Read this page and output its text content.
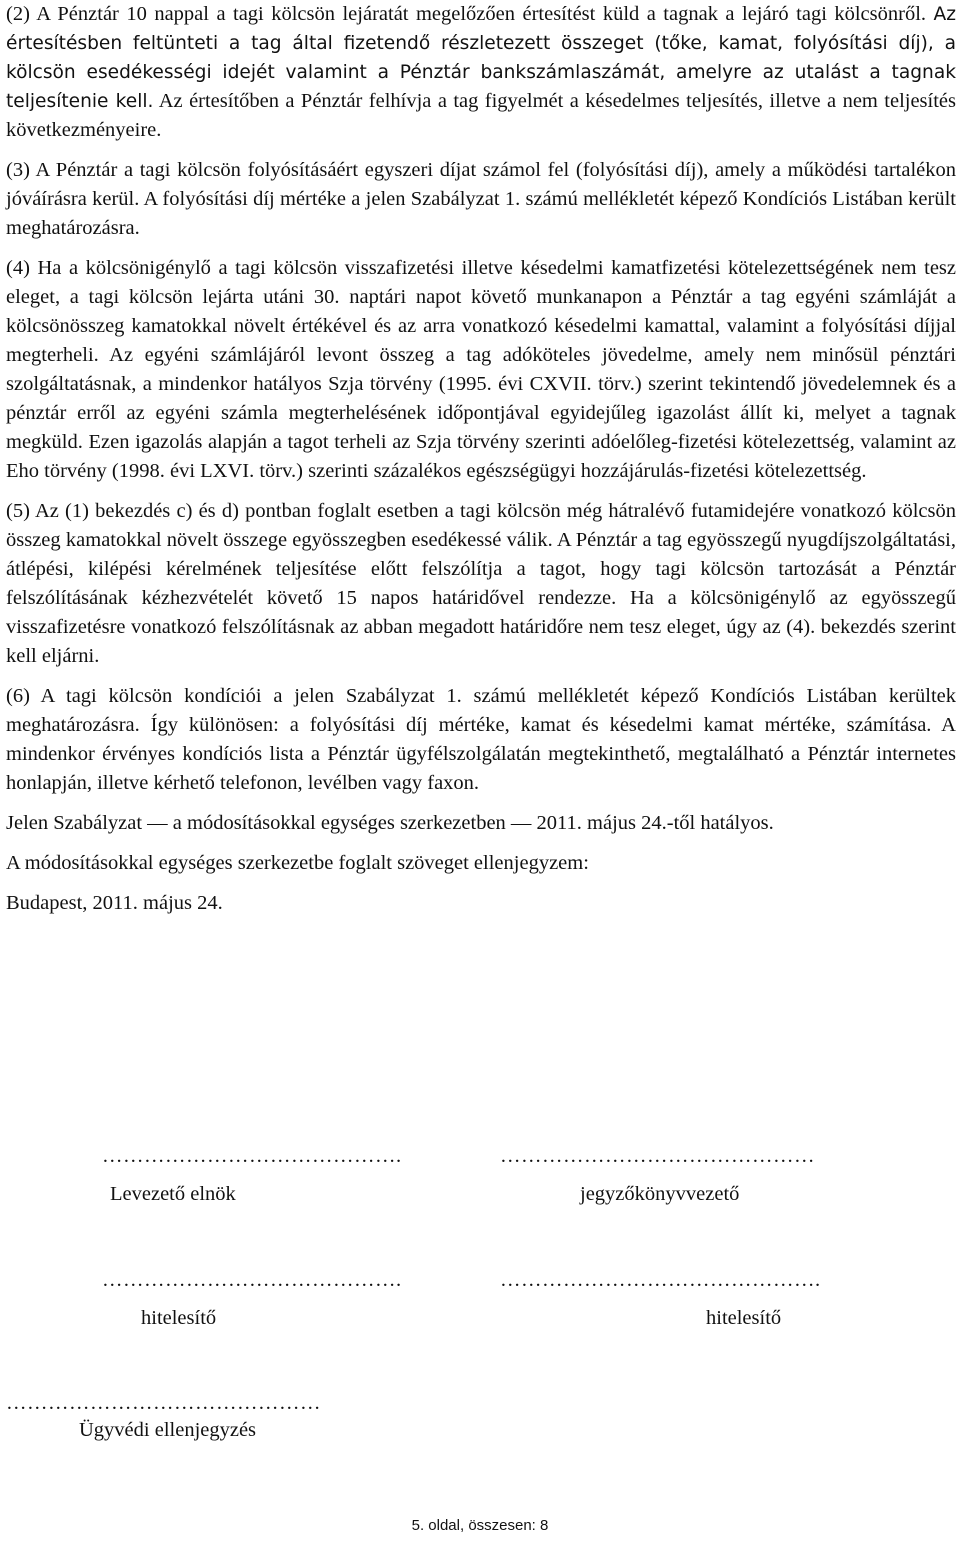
(2) A Pénztár 10 nappal a tagi kölcsön lejáratát megelőzően értesítést küld a tagnak a lejáró tagi kölcsönről. Az értesítésben feltünteti a tag által fizetendő részletezett összeget (tőke, kamat, folyósítási díj), a kölcsön esedékességi idejét valamint a Pénztár bankszámlaszámát, amelyre az utalást a tagnak teljesítenie kell. Az értesítőben a Pénztár felhívja a tag figyelmét a késedelmes teljesítés, illetve a nem teljesítés következményeire.

(3) A Pénztár a tagi kölcsön folyósításáért egyszeri díjat számol fel (folyósítási díj), amely a működési tartalékon jóváírásra kerül. A folyósítási díj mértéke a jelen Szabályzat 1. számú mellékletét képező Kondíciós Listában került meghatározásra.

(4) Ha a kölcsönigénylő a tagi kölcsön visszafizetési illetve késedelmi kamatfizetési kötelezettségének nem tesz eleget, a tagi kölcsön lejárta utáni 30. naptári napot követő munkanapon a Pénztár a tag egyéni számláját a kölcsönösszeg kamatokkal növelt értékével és az arra vonatkozó késedelmi kamattal, valamint a folyósítási díjjal megterheli. Az egyéni számlájáról levont összeg a tag adóköteles jövedelme, amely nem minősül pénztári szolgáltatásnak, a mindenkor hatályos Szja törvény (1995. évi CXVII. törv.) szerint tekintendő jövedelemnek és a pénztár erről az egyéni számla megterhelésének időpontjával egyidejűleg igazolást állít ki, melyet a tagnak megküld. Ezen igazolás alapján a tagot terheli az Szja törvény szerinti adóelőleg-fizetési kötelezettség, valamint az Eho törvény (1998. évi LXVI. törv.) szerinti százalékos egészségügyi hozzájárulás-fizetési kötelezettség.

(5) Az (1) bekezdés c) és d) pontban foglalt esetben a tagi kölcsön még hátralévő futamidejére vonatkozó kölcsön összeg kamatokkal növelt összege egyösszegben esedékessé válik. A Pénztár a tag egyösszegű nyugdíjszolgáltatási, átlépési, kilépési kérelmének teljesítése előtt felszólítja a tagot, hogy tagi kölcsön tartozását a Pénztár felszólításának kézhezvételét követő 15 napos határidővel rendezze. Ha a kölcsönigénylő az egyösszegű visszafizetésre vonatkozó felszólításnak az abban megadott határidőre nem tesz eleget, úgy az (4). bekezdés szerint kell eljárni.

(6) A tagi kölcsön kondíciói a jelen Szabályzat 1. számú mellékletét képező Kondíciós Listában kerültek meghatározásra. Így különösen: a folyósítási díj mértéke, kamat és késedelmi kamat mértéke, számítása. A mindenkor érvényes kondíciós lista a Pénztár ügyfélszolgálatán megtekinthető, megtalálható a Pénztár internetes honlapján, illetve kérhető telefonon, levélben vagy faxon.

Jelen Szabályzat — a módosításokkal egységes szerkezetben — 2011. május 24.-től hatályos.

A módosításokkal egységes szerkezetbe foglalt szöveget ellenjegyzem:

Budapest, 2011. május 24.

…………………………………….
Levezető elnök
………………………………………
jegyzőkönyvvezető
…………………………………….
hitelesítő
……………………………………….
hitelesítő
………………………………………
Ügyvédi ellenjegyzés
5. oldal, összesen: 8
